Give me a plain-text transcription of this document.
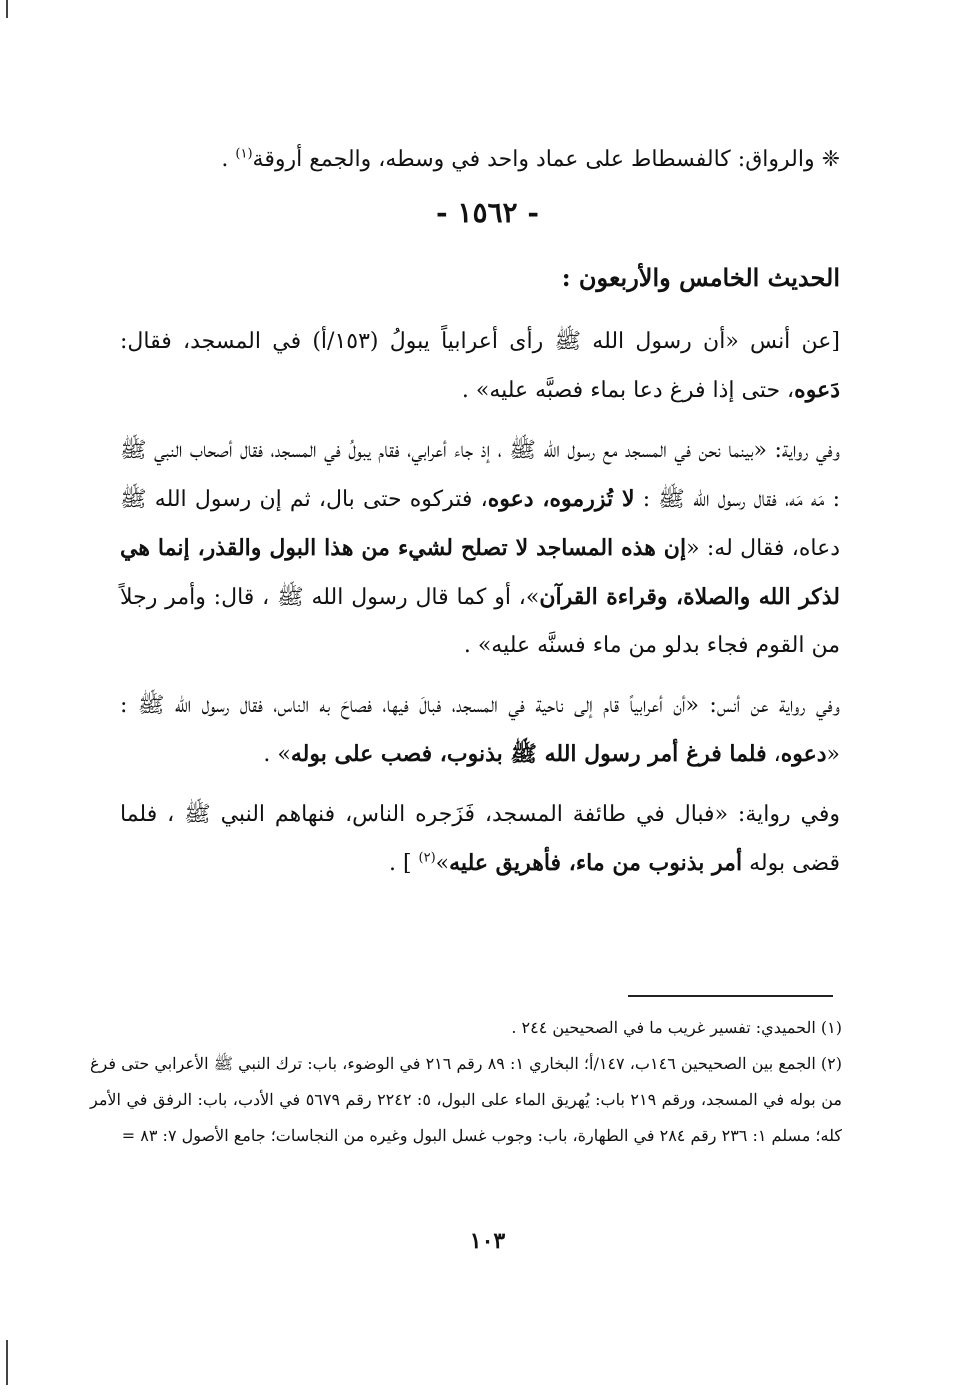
❈ والرواق: كالفسطاط على عماد واحد في وسطه، والجمع أروقة$^{(١)}$ .
- ١٥٦٢ -
الحديث الخامس والأربعون :

[عن أنس «أن رسول الله ﷺ رأى أعرابياً يبولُ (١٥٣/أ) في المسجد، فقال: دَعوه، حتى إذا فرغ دعا بماء فصبَّه عليه» .

وفي رواية: «بينما نحن في المسجد مع رسول الله ﷺ ، إذ جاء أعرابي، فقام يبولُ في المسجد، فقال أصحاب النبي ﷺ : مَه مَه، فقال رسول الله ﷺ : لا تُزرموه، دعوه، فتركوه حتى بال، ثم إن رسول الله ﷺ دعاه، فقال له: «إن هذه المساجد لا تصلح لشيء من هذا البول والقذر، إنما هي لذكر الله والصلاة، وقراءة القرآن»، أو كما قال رسول الله ﷺ ، قال: وأمر رجلاً من القوم فجاء بدلو من ماء فسنَّه عليه» .

وفي رواية عن أنس: «أن أعرابياً قام إلى ناحية في المسجد، فبالَ فيها، فصاحَ به الناس، فقال رسول الله ﷺ : «دعوه، فلما فرغ أمر رسول الله ﷺ بذنوب، فصب على بوله» .

وفي رواية: «فبال في طائفة المسجد، فَزَجره الناس، فنهاهم النبي ﷺ ، فلما قضى بوله أمر بذنوب من ماء، فأهريق عليه»$^{(٢)}$ ] .

(١) الحميدي: تفسير غريب ما في الصحيحين ٢٤٤ .

(٢) الجمع بين الصحيحين ١٤٦ب، ١٤٧/أ؛ البخاري ١: ٨٩ رقم ٢١٦ في الوضوء، باب: ترك النبي ﷺ الأعرابي حتى فرغ من بوله في المسجد، ورقم ٢١٩ باب: يُهريق الماء على البول، ٥: ٢٢٤٢ رقم ٥٦٧٩ في الأدب، باب: الرفق في الأمر كله؛ مسلم ١: ٢٣٦ رقم ٢٨٤ في الطهارة، باب: وجوب غسل البول وغيره من النجاسات؛ جامع الأصول ٧: ٨٣ =

١٠٣
